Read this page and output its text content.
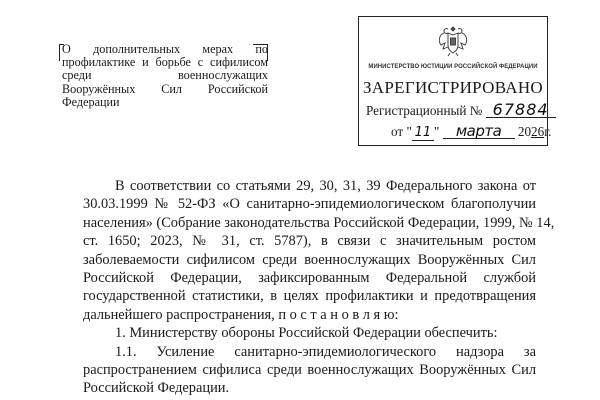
О дополнительных мерах по
профилактике и борьбе с сифилисом
среди военнослужащих
Вооружённых Сил Российской
Федерации
МИНИСТЕРСТВО ЮСТИЦИИ РОССИЙСКОЙ ФЕДЕРАЦИИ
ЗАРЕГИСТРИРОВАНО
Регистрационный № 67884
от " 11 " марта 2026г.
В соответствии со статьями 29, 30, 31, 39 Федерального закона от
30.03.1999 № 52-ФЗ «О санитарно-эпидемиологическом благополучии
населения» (Собрание законодательства Российской Федерации, 1999, № 14,
ст. 1650; 2023, № 31, ст. 5787), в связи с значительным ростом
заболеваемости сифилисом среди военнослужащих Вооружённых Сил
Российской Федерации, зафиксированным Федеральной службой
государственной статистики, в целях профилактики и предотвращения
дальнейшего распространения, п о с т а н о в л я ю:
1. Министерству обороны Российской Федерации обеспечить:
1.1. Усиление санитарно-эпидемиологического надзора за
распространением сифилиса среди военнослужащих Вооружённых Сил
Российской Федерации.
